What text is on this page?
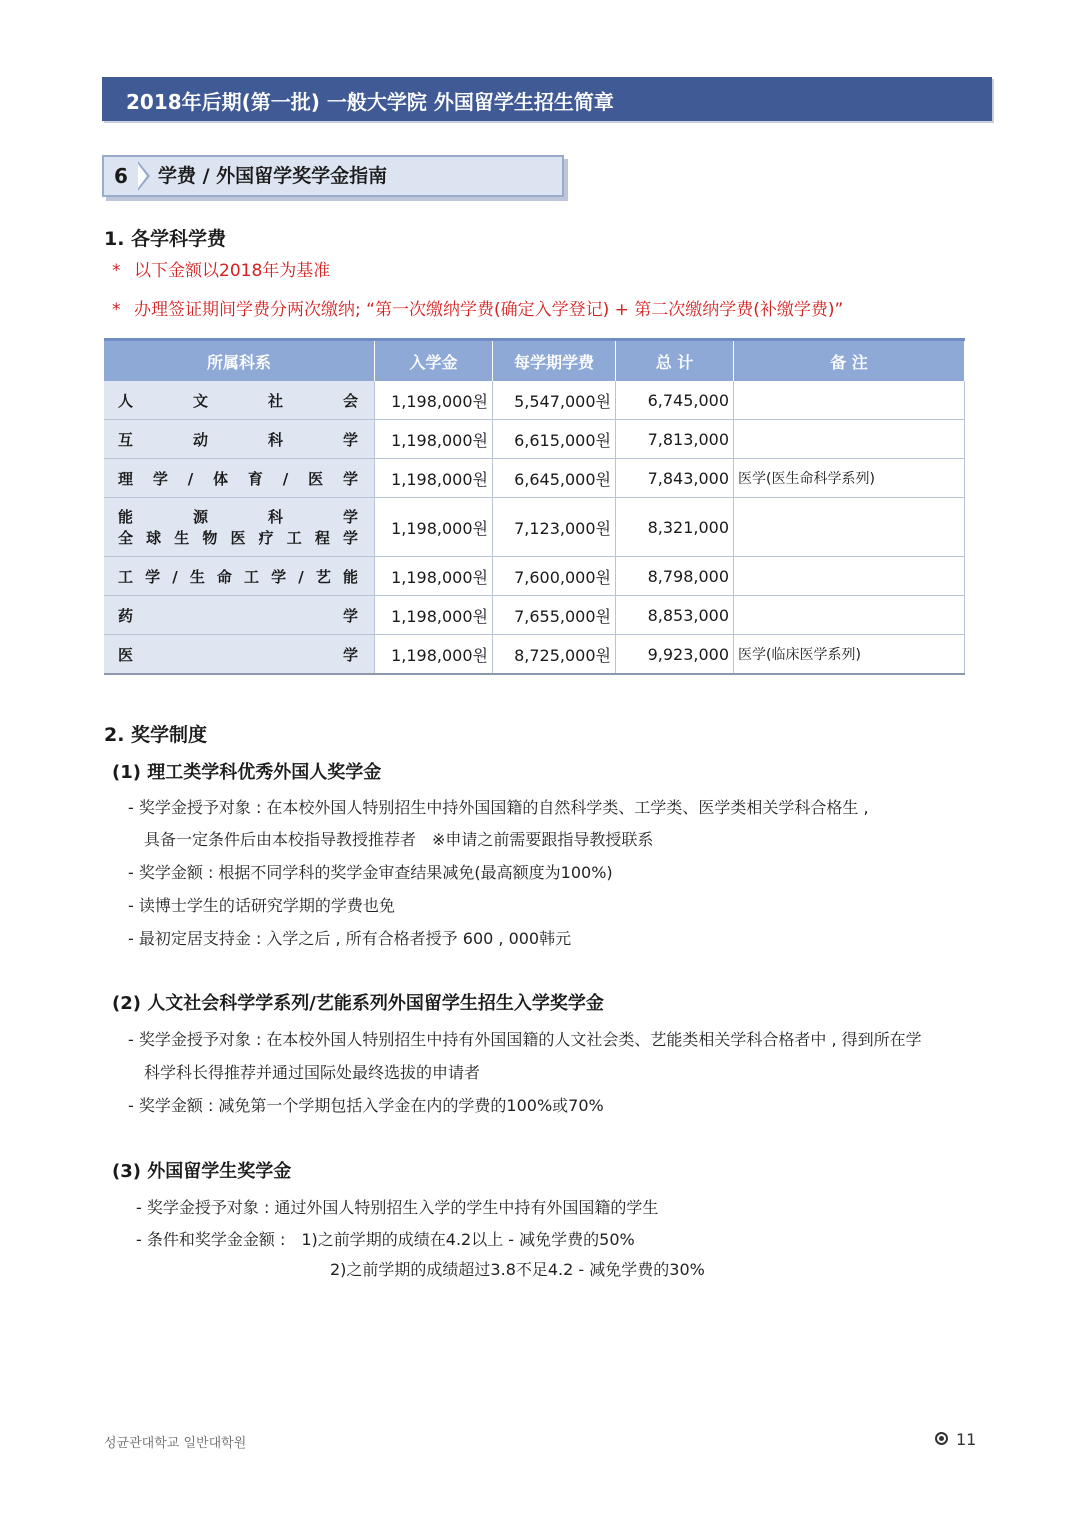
2018年后期(第一批) 一般大学院 外国留学生招生简章
6	学费 / 外国留学奖学金指南
1. 各学科学费
* 以下金额以2018年为基准
* 办理签证期间学费分两次缴纳; “第一次缴纳学费(确定入学登记) + 第二次缴纳学费(补缴学费)”
所属科系	入学金	每学期学费	总 计	备 注
人文社会	1,198,000원	5,547,000원	6,745,000	
互动科学	1,198,000원	6,615,000원	7,813,000	
理学/体育/医学	1,198,000원	6,645,000원	7,843,000	医学(医生命科学系列)

能源科学
全球生物医疗工程学	1,198,000원	7,123,000원	8,321,000	
工学/生命工学/艺能	1,198,000원	7,600,000원	8,798,000	
药学	1,198,000원	7,655,000원	8,853,000	
医学	1,198,000원	8,725,000원	9,923,000	医学(临床医学系列)
2. 奖学制度
(1) 理工类学科优秀外国人奖学金
- 奖学金授予对象 : 在本校外国人特别招生中持外国国籍的自然科学类、工学类、医学类相关学科合格生 ,
具备一定条件后由本校指导教授推荐者　※申请之前需要跟指导教授联系
- 奖学金额 : 根据不同学科的奖学金审查结果减免(最高额度为100%)
- 读博士学生的话研究学期的学费也免
- 最初定居支持金 : 入学之后 , 所有合格者授予 600 , 000韩元
(2) 人文社会科学学系列/艺能系列外国留学生招生入学奖学金
- 奖学金授予对象 : 在本校外国人特别招生中持有外国国籍的人文社会类、艺能类相关学科合格者中 , 得到所在学
科学科长得推荐并通过国际处最终选拔的申请者
- 奖学金额 : 减免第一个学期包括入学金在内的学费的100%或70%
(3) 外国留学生奖学金
- 奖学金授予对象 : 通过外国人特别招生入学的学生中持有外国国籍的学生
- 条件和奖学金金额 :　1)之前学期的成绩在4.2以上 - 减免学费的50%
2)之前学期的成绩超过3.8不足4.2 - 减免学费的30%
성균관대학교 일반대학원	11
